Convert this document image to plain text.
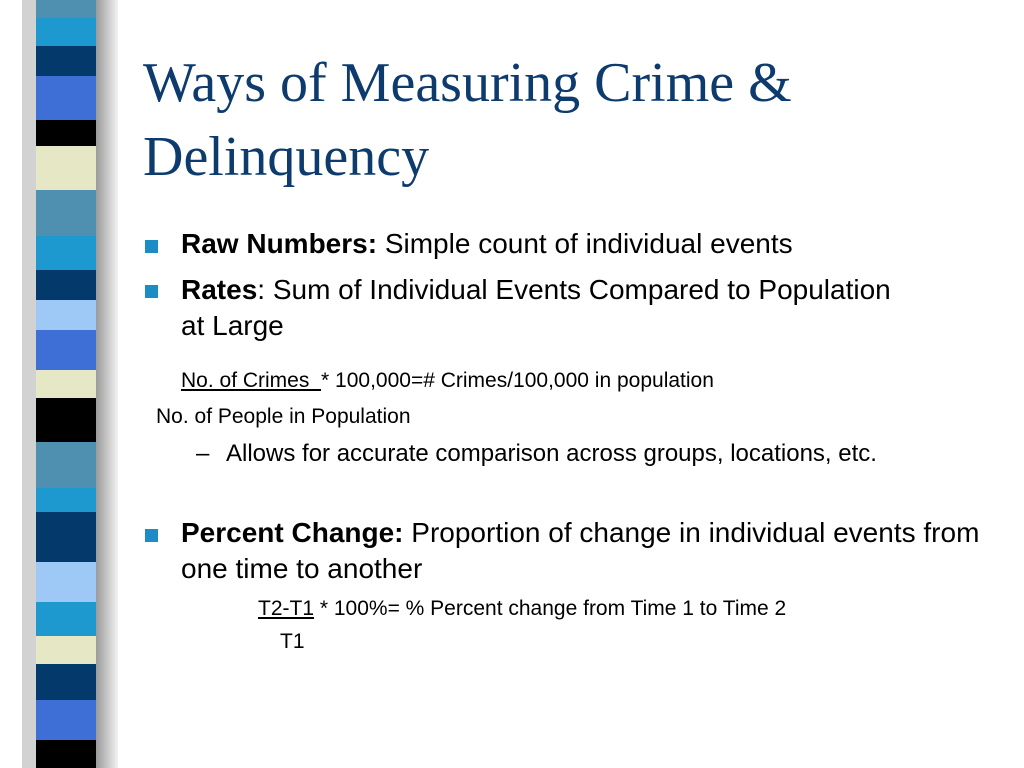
Ways of Measuring Crime & Delinquency

Raw Numbers: Simple count of individual events

Rates: Sum of Individual Events Compared to Population at Large

No. of Crimes  * 100,000=# Crimes/100,000 in population

No. of People in Population

– Allows for accurate comparison across groups, locations, etc.

Percent Change: Proportion of change in individual events from one time to another

T2-T1 * 100%= % Percent change from Time 1 to Time 2

T1
